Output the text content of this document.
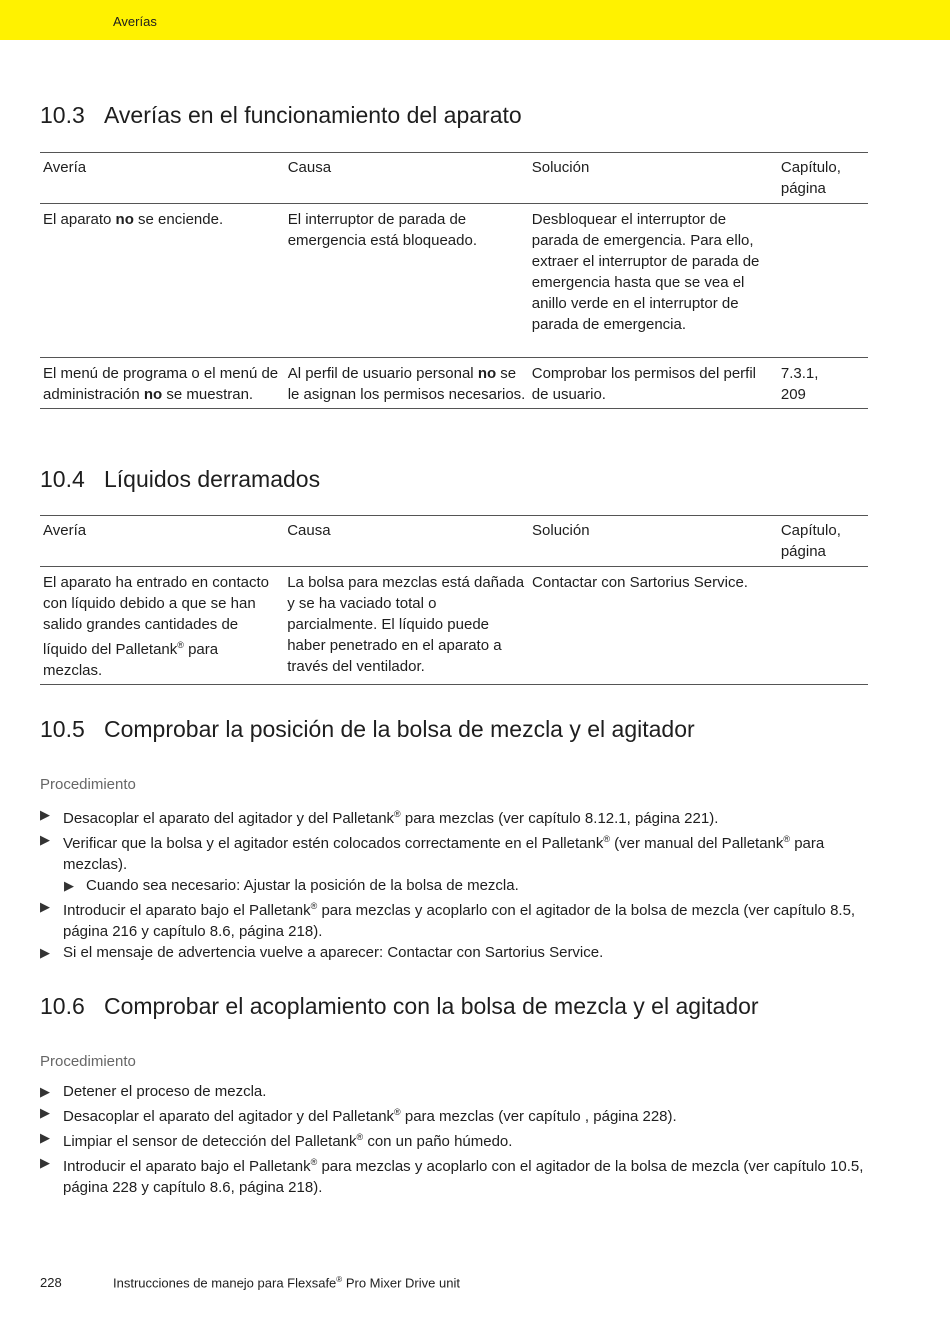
Averías
10.3 Averías en el funcionamiento del aparato
Avería	Causa	Solución	Capítulo,
página
El aparato no se enciende.	El interruptor de parada de emergencia está bloqueado.	Desbloquear el interruptor de parada de emergencia. Para ello, extraer el interruptor de parada de emergencia hasta que se vea el anillo verde en el interruptor de parada de emergencia.	
El menú de programa o el menú de administración no se muestran.	Al perfil de usuario personal no se le asignan los permisos necesarios.	Comprobar los permisos del perfil de usuario.	7.3.1,
209
10.4 Líquidos derramados
Avería	Causa	Solución	Capítulo,
página
El aparato ha entrado en contacto con líquido debido a que se han salido grandes cantidades de líquido del Palletank® para mezclas.	La bolsa para mezclas está dañada y se ha vaciado total o parcialmente. El líquido puede haber penetrado en el aparato a través del ventilador.	Contactar con Sartorius Service.	
10.5 Comprobar la posición de la bolsa de mezcla y el agitador
Procedimiento
▶ Desacoplar el aparato del agitador y del Palletank® para mezclas (ver capítulo 8.12.1, página 221).
▶ Verificar que la bolsa y el agitador estén colocados correctamente en el Palletank® (ver manual del Palletank® para mezclas).
▶ Cuando sea necesario: Ajustar la posición de la bolsa de mezcla.
▶ Introducir el aparato bajo el Palletank® para mezclas y acoplarlo con el agitador de la bolsa de mezcla (ver capítulo 8.5, página 216 y capítulo 8.6, página 218).
▶ Si el mensaje de advertencia vuelve a aparecer: Contactar con Sartorius Service.
10.6 Comprobar el acoplamiento con la bolsa de mezcla y el agitador
Procedimiento
▶ Detener el proceso de mezcla.
▶ Desacoplar el aparato del agitador y del Palletank® para mezclas (ver capítulo , página 228).
▶ Limpiar el sensor de detección del Palletank® con un paño húmedo.
▶ Introducir el aparato bajo el Palletank® para mezclas y acoplarlo con el agitador de la bolsa de mezcla (ver capítulo 10.5, página 228 y capítulo 8.6, página 218).
228	Instrucciones de manejo para Flexsafe® Pro Mixer Drive unit
